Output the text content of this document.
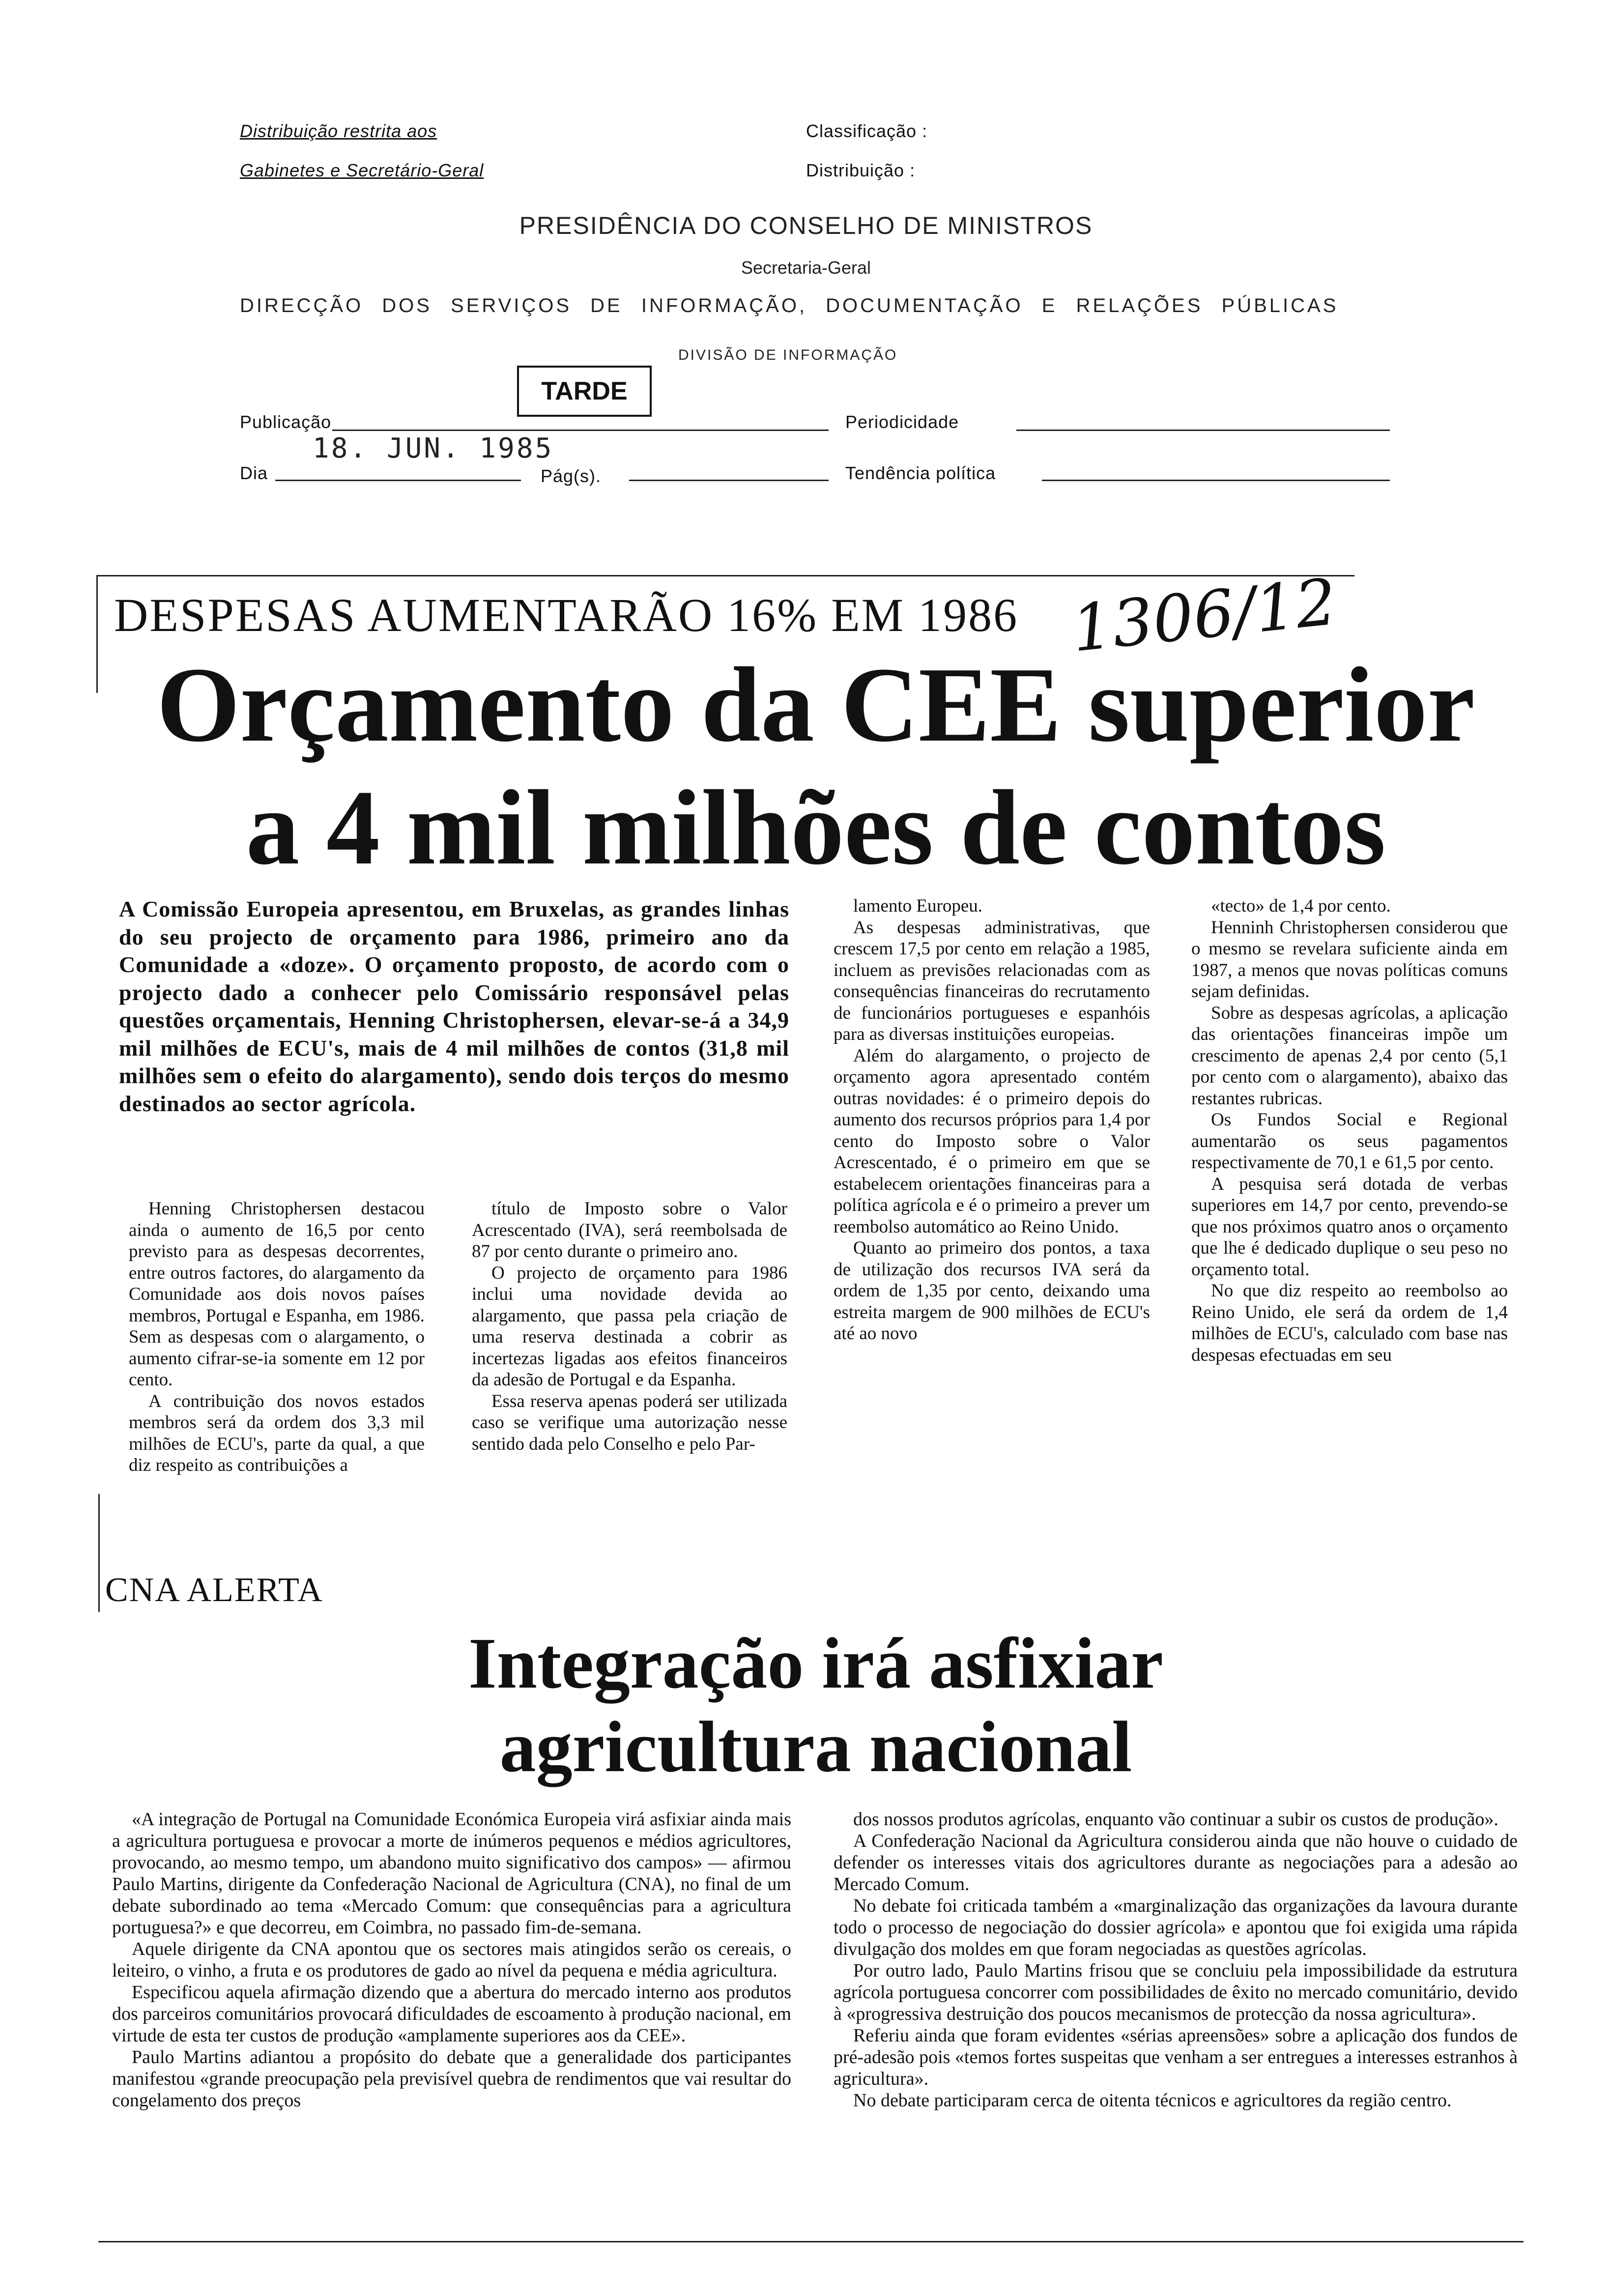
Distribuição restrita aos
Gabinetes e Secretário-Geral
Classificação :
Distribuição :
PRESIDÊNCIA DO CONSELHO DE MINISTROS
Secretaria-Geral
DIRECÇÃO DOS SERVIÇOS DE INFORMAÇÃO, DOCUMENTAÇÃO E RELAÇÕES PÚBLICAS
DIVISÃO DE INFORMAÇÃO
TARDE
Publicação	Periodicidade
Dia
18. JUN. 1985
Pág(s).	Tendência política
DESPESAS AUMENTARÃO 16% EM 1986 1306/12
Orçamento da CEE superior
a 4 mil milhões de contos
A Comissão Europeia apresentou, em Bruxelas, as grandes linhas do seu projecto de orçamento para 1986, primeiro ano da Comunidade a «doze». O orçamento proposto, de acordo com o projecto dado a conhecer pelo Comissário responsável pelas questões orçamentais, Henning Christophersen, elevar-se-á a 34,9 mil milhões de ECU's, mais de 4 mil milhões de contos (31,8 mil milhões sem o efeito do alargamento), sendo dois terços do mesmo destinados ao sector agrícola.

Henning Christophersen destacou ainda o aumento de 16,5 por cento previsto para as despesas decorrentes, entre outros factores, do alargamento da Comunidade aos dois novos países membros, Portugal e Espanha, em 1986. Sem as despesas com o alargamento, o aumento cifrar-se-ia somente em 12 por cento.

A contribuição dos novos estados membros será da ordem dos 3,3 mil milhões de ECU's, parte da qual, a que diz respeito as contribuições a

título de Imposto sobre o Valor Acrescentado (IVA), será reembolsada de 87 por cento durante o primeiro ano.

O projecto de orçamento para 1986 inclui uma novidade devida ao alargamento, que passa pela criação de uma reserva destinada a cobrir as incertezas ligadas aos efeitos financeiros da adesão de Portugal e da Espanha.

Essa reserva apenas poderá ser utilizada caso se verifique uma autorização nesse sentido dada pelo Conselho e pelo Par-

lamento Europeu.

As despesas administrativas, que crescem 17,5 por cento em relação a 1985, incluem as previsões relacionadas com as consequências financeiras do recrutamento de funcionários portugueses e espanhóis para as diversas instituições europeias.

Além do alargamento, o projecto de orçamento agora apresentado contém outras novidades: é o primeiro depois do aumento dos recursos próprios para 1,4 por cento do Imposto sobre o Valor Acrescentado, é o primeiro em que se estabelecem orientações financeiras para a política agrícola e é o primeiro a prever um reembolso automático ao Reino Unido.

Quanto ao primeiro dos pontos, a taxa de utilização dos recursos IVA será da ordem de 1,35 por cento, deixando uma estreita margem de 900 milhões de ECU's até ao novo

«tecto» de 1,4 por cento.

Henninh Christophersen considerou que o mesmo se revelara suficiente ainda em 1987, a menos que novas políticas comuns sejam definidas.

Sobre as despesas agrícolas, a aplicação das orientações financeiras impõe um crescimento de apenas 2,4 por cento (5,1 por cento com o alargamento), abaixo das restantes rubricas.

Os Fundos Social e Regional aumentarão os seus pagamentos respectivamente de 70,1 e 61,5 por cento.

A pesquisa será dotada de verbas superiores em 14,7 por cento, prevendo-se que nos próximos quatro anos o orçamento que lhe é dedicado duplique o seu peso no orçamento total.

No que diz respeito ao reembolso ao Reino Unido, ele será da ordem de 1,4 milhões de ECU's, calculado com base nas despesas efectuadas em seu

CNA ALERTA
Integração irá asfixiar
agricultura nacional

«A integração de Portugal na Comunidade Económica Europeia virá asfixiar ainda mais a agricultura portuguesa e provocar a morte de inúmeros pequenos e médios agricultores, provocando, ao mesmo tempo, um abandono muito significativo dos campos» — afirmou Paulo Martins, dirigente da Confederação Nacional de Agricultura (CNA), no final de um debate subordinado ao tema «Mercado Comum: que consequências para a agricultura portuguesa?» e que decorreu, em Coimbra, no passado fim-de-semana.

Aquele dirigente da CNA apontou que os sectores mais atingidos serão os cereais, o leiteiro, o vinho, a fruta e os produtores de gado ao nível da pequena e média agricultura.

Especificou aquela afirmação dizendo que a abertura do mercado interno aos produtos dos parceiros comunitários provocará dificuldades de escoamento à produção nacional, em virtude de esta ter custos de produção «amplamente superiores aos da CEE».

Paulo Martins adiantou a propósito do debate que a generalidade dos participantes manifestou «grande preocupação pela previsível quebra de rendimentos que vai resultar do congelamento dos preços

dos nossos produtos agrícolas, enquanto vão continuar a subir os custos de produção».

A Confederação Nacional da Agricultura considerou ainda que não houve o cuidado de defender os interesses vitais dos agricultores durante as negociações para a adesão ao Mercado Comum.

No debate foi criticada também a «marginalização das organizações da lavoura durante todo o processo de negociação do dossier agrícola» e apontou que foi exigida uma rápida divulgação dos moldes em que foram negociadas as questões agrícolas.

Por outro lado, Paulo Martins frisou que se concluiu pela impossibilidade da estrutura agrícola portuguesa concorrer com possibilidades de êxito no mercado comunitário, devido à «progressiva destruição dos poucos mecanismos de protecção da nossa agricultura».

Referiu ainda que foram evidentes «sérias apreensões» sobre a aplicação dos fundos de pré-adesão pois «temos fortes suspeitas que venham a ser entregues a interesses estranhos à agricultura».

No debate participaram cerca de oitenta técnicos e agricultores da região centro.
